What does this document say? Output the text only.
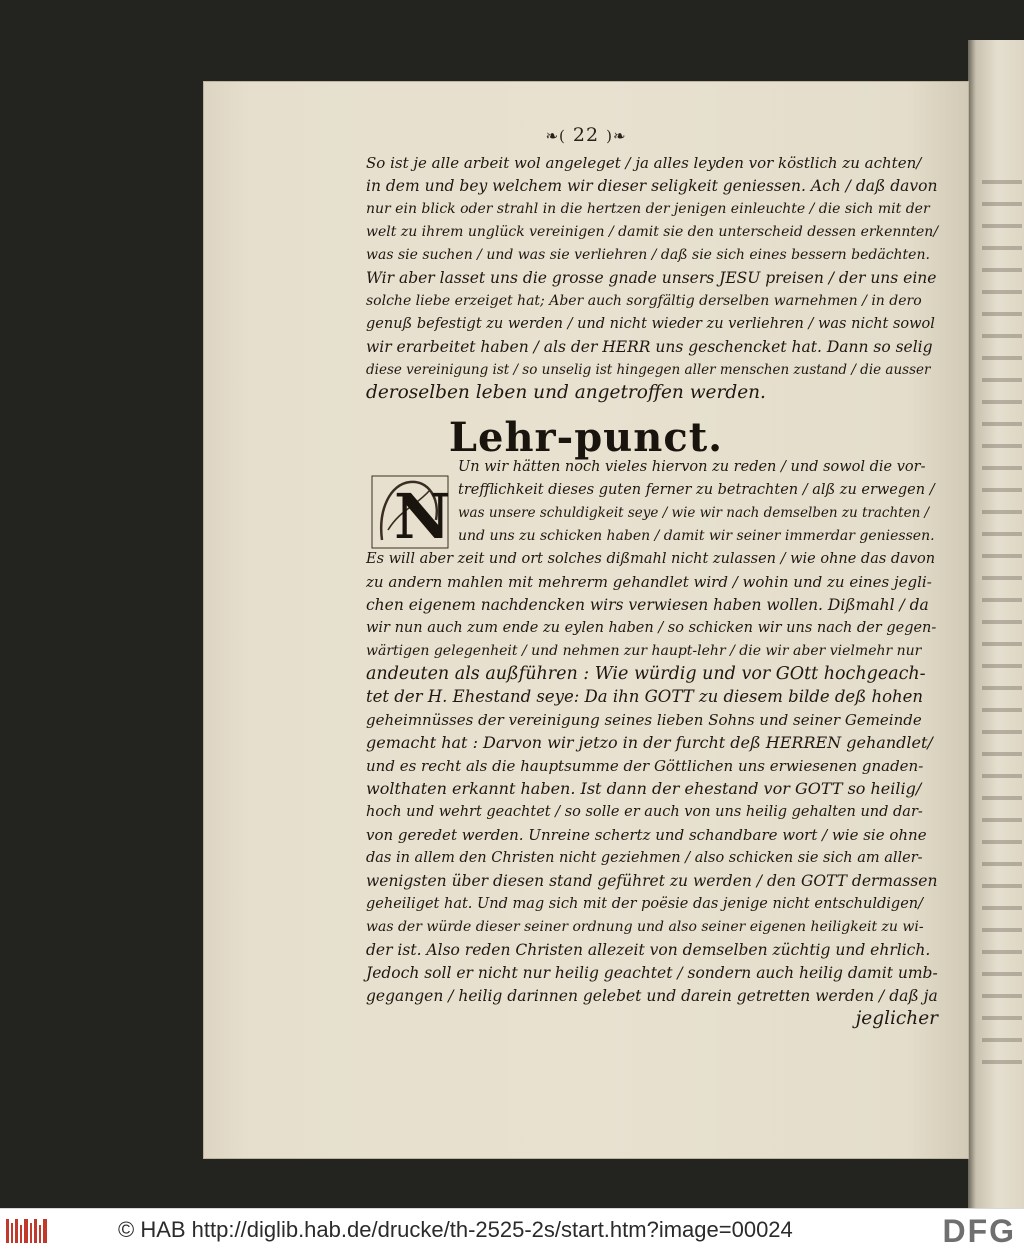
❧( 22 )❧
So ist je alle arbeit wol angeleget / ja alles leyden vor köstlich zu achten/
in dem und bey welchem wir dieser seligkeit geniessen. Ach / daß davon
nur ein blick oder strahl in die hertzen der jenigen einleuchte / die sich mit der
welt zu ihrem unglück vereinigen / damit sie den unterscheid dessen erkennten/
was sie suchen / und was sie verliehren / daß sie sich eines bessern bedächten.
Wir aber lasset uns die grosse gnade unsers JESU preisen / der uns eine
solche liebe erzeiget hat; Aber auch sorgfältig derselben warnehmen / in dero
genuß befestigt zu werden / und nicht wieder zu verliehren / was nicht sowol
wir erarbeitet haben / als der HERR uns geschencket hat. Dann so selig
diese vereinigung ist / so unselig ist hingegen aller menschen zustand / die ausser
deroselben leben und angetroffen werden.
Lehr-punct.
N
Un wir hätten noch vieles hiervon zu reden / und sowol die vor-
trefflichkeit dieses guten ferner zu betrachten / alß zu erwegen /
was unsere schuldigkeit seye / wie wir nach demselben zu trachten /
und uns zu schicken haben / damit wir seiner immerdar geniessen.
Es will aber zeit und ort solches dißmahl nicht zulassen / wie ohne das davon
zu andern mahlen mit mehrerm gehandlet wird / wohin und zu eines jegli-
chen eigenem nachdencken wirs verwiesen haben wollen. Dißmahl / da
wir nun auch zum ende zu eylen haben / so schicken wir uns nach der gegen-
wärtigen gelegenheit / und nehmen zur haupt-lehr / die wir aber vielmehr nur
andeuten als außführen : Wie würdig und vor GOtt hochgeach-
tet der H. Ehestand seye: Da ihn GOTT zu diesem bilde deß hohen
geheimnüsses der vereinigung seines lieben Sohns und seiner Gemeinde
gemacht hat : Darvon wir jetzo in der furcht deß HERREN gehandlet/
und es recht als die hauptsumme der Göttlichen uns erwiesenen gnaden-
wolthaten erkannt haben. Ist dann der ehestand vor GOTT so heilig/
hoch und wehrt geachtet / so solle er auch von uns heilig gehalten und dar-
von geredet werden. Unreine schertz und schandbare wort / wie sie ohne
das in allem den Christen nicht geziehmen / also schicken sie sich am aller-
wenigsten über diesen stand geführet zu werden / den GOTT dermassen
geheiliget hat. Und mag sich mit der poësie das jenige nicht entschuldigen/
was der würde dieser seiner ordnung und also seiner eigenen heiligkeit zu wi-
der ist. Also reden Christen allezeit von demselben züchtig und ehrlich.
Jedoch soll er nicht nur heilig geachtet / sondern auch heilig damit umb-
gegangen / heilig darinnen gelebet und darein getretten werden / daß ja
jeglicher
© HAB http://diglib.hab.de/drucke/th-2525-2s/start.htm?image=00024	DFG
